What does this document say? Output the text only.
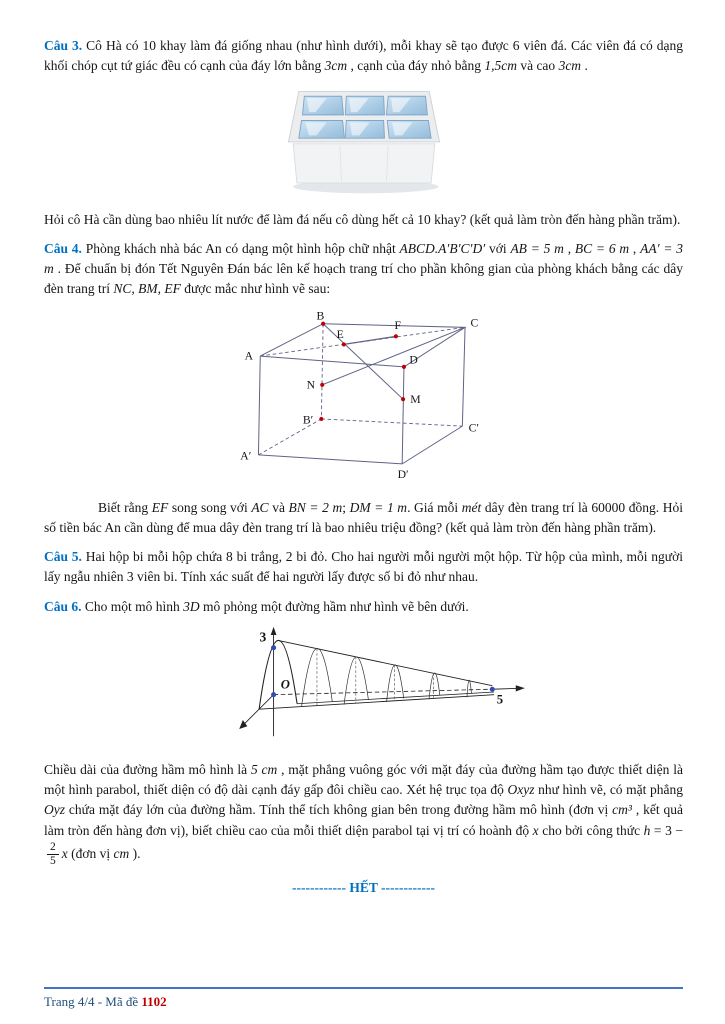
Câu 3. Cô Hà có 10 khay làm đá giống nhau (như hình dưới), mỗi khay sẽ tạo được 6 viên đá. Các viên đá có dạng khối chóp cụt tứ giác đều có cạnh của đáy lớn bằng 3cm , cạnh của đáy nhỏ bằng 1,5cm và cao 3cm .

Hỏi cô Hà cần dùng bao nhiêu lít nước để làm đá nếu cô dùng hết cả 10 khay? (kết quả làm tròn đến hàng phần trăm).

Câu 4. Phòng khách nhà bác An có dạng một hình hộp chữ nhật ABCD.A′B′C′D′ với AB = 5 m , BC = 6 m , AA′ = 3 m . Để chuẩn bị đón Tết Nguyên Đán bác lên kế hoạch trang trí cho phần không gian của phòng khách bằng các dây đèn trang trí NC, BM, EF được mắc như hình vẽ sau:

A
B
C
D
E
F
N
M
B′
A′
D′
C′

Biết rằng EF song song với AC và BN = 2 m; DM = 1 m. Giá mỗi mét dây đèn trang trí là 60000 đồng. Hỏi số tiền bác An cần dùng để mua dây đèn trang trí là bao nhiêu triệu đồng? (kết quả làm tròn đến hàng phần trăm).

Câu 5. Hai hộp bi mỗi hộp chứa 8 bi trắng, 2 bi đỏ. Cho hai người mỗi người một hộp. Từ hộp của mình, mỗi người lấy ngẫu nhiên 3 viên bi. Tính xác suất để hai người lấy được số bi đỏ như nhau.

Câu 6. Cho một mô hình 3D mô phỏng một đường hầm như hình vẽ bên dưới.

3
O
5

Chiều dài của đường hầm mô hình là 5 cm , mặt phẳng vuông góc với mặt đáy của đường hầm tạo được thiết diện là một hình parabol, thiết diện có độ dài cạnh đáy gấp đôi chiều cao. Xét hệ trục tọa độ Oxyz như hình vẽ, có mặt phẳng Oyz chứa mặt đáy lớn của đường hầm. Tính thể tích không gian bên trong đường hầm mô hình (đơn vị cm³ , kết quả làm tròn đến hàng đơn vị), biết chiều cao của mỗi thiết diện parabol tại vị trí có hoành độ x cho bởi công thức h = 3 −
$\frac{2}{5}$ x (đơn vị cm ).

------------ HẾT ------------
Trang 4/4 - Mã đề 1102
